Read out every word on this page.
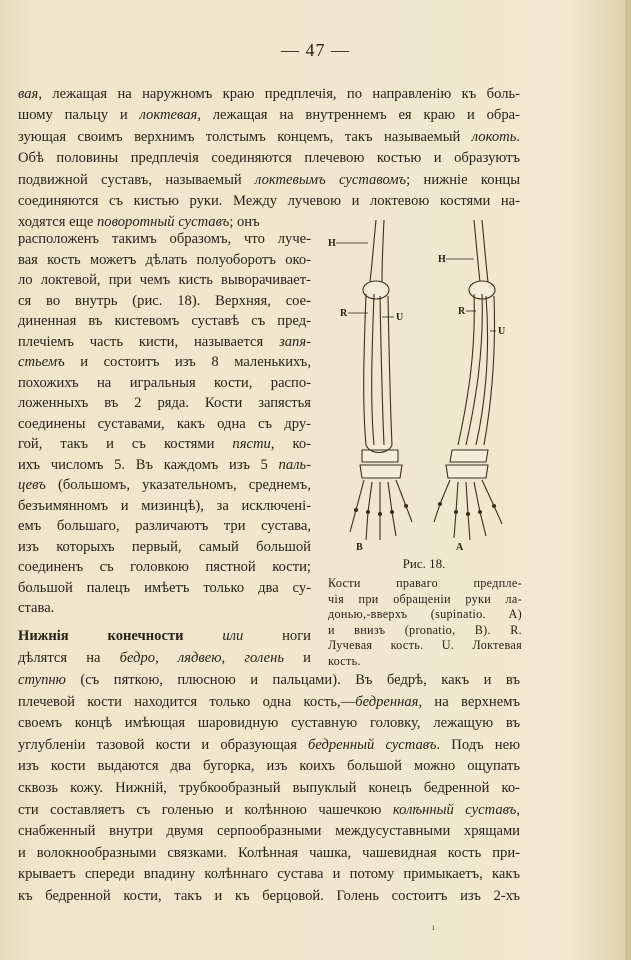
— 47 —
вая, лежащая на наружномъ краю предплечія, по направленію къ боль-
шому пальцу и локтевая, лежащая на внутреннемъ ея краю и обра-
зующая своимъ верхнимъ толстымъ концемъ, такъ называемый локоть.
Обѣ половины предплечія соединяются плечевою костью и образуютъ
подвижной суставъ, называемый локтевымъ суставомъ; нижніе концы
соединяются съ кистью руки. Между лучевою и локтевою костями на-
ходятся еще поворотный суставъ; онъ
расположенъ такимъ образомъ, что луче-
вая кость можетъ дѣлать полуоборотъ око-
ло локтевой, при чемъ кисть выворачивает-
ся во внутрь (рис. 18). Верхняя, сое-
диненная въ кистевомъ суставѣ съ пред-
плечіемъ часть кисти, называется запя-
стьемъ и состоитъ изъ 8 маленькихъ,
похожихъ на игральныя кости, распо-
ложенныхъ въ 2 ряда. Кости запястья
соединены суставами, какъ одна съ дру-
гой, такъ и съ костями пясти, ко-
ихъ числомъ 5. Въ каждомъ изъ 5 паль-
цевъ (большомъ, указательномъ, среднемъ,
безъимянномъ и мизинцѣ), за исключені-
емъ большаго, различаютъ три сустава,
изъ которыхъ первый, самый большой
соединенъ съ головкою пястной кости;
большой палецъ имѣетъ только два су-
става.
Нижнія конечности или ноги
дѣлятся на бедро, лядвею, голень и
ступню (съ пяткою, плюсною и пальцами). Въ бедрѣ, какъ и въ
плечевой кости находится только одна кость,—бедренная, на верхнемъ
своемъ концѣ имѣющая шаровидную суставную головку, лежащую въ
углубленіи тазовой кости и образующая бедренный суставъ. Подъ нею
изъ кости выдаются два бугорка, изъ коихъ большой можно ощупать
сквозь кожу. Нижній, трубкообразный выпуклый конецъ бедренной ко-
сти составляетъ съ голенью и колѣнною чашечкою колѣнный суставъ,
снабженный внутри двумя серпообразными междусуставными хрящами
и волокнообразными связками. Колѣнная чашка, чашевидная кость при-
крываетъ спереди впадину колѣннаго сустава и потому примыкаетъ, какъ
къ бедренной кости, такъ и къ берцовой. Голень состоитъ изъ 2-хъ
H
H
R	U
R
U
B	A
Рис. 18.
Кости праваго предпле-
чія при обращеніи руки ла-
донью,-вверхъ (supinatio. A)
и внизъ (pronatio, B). R.
Лучевая кость. U. Локтевая
кость.
ı
